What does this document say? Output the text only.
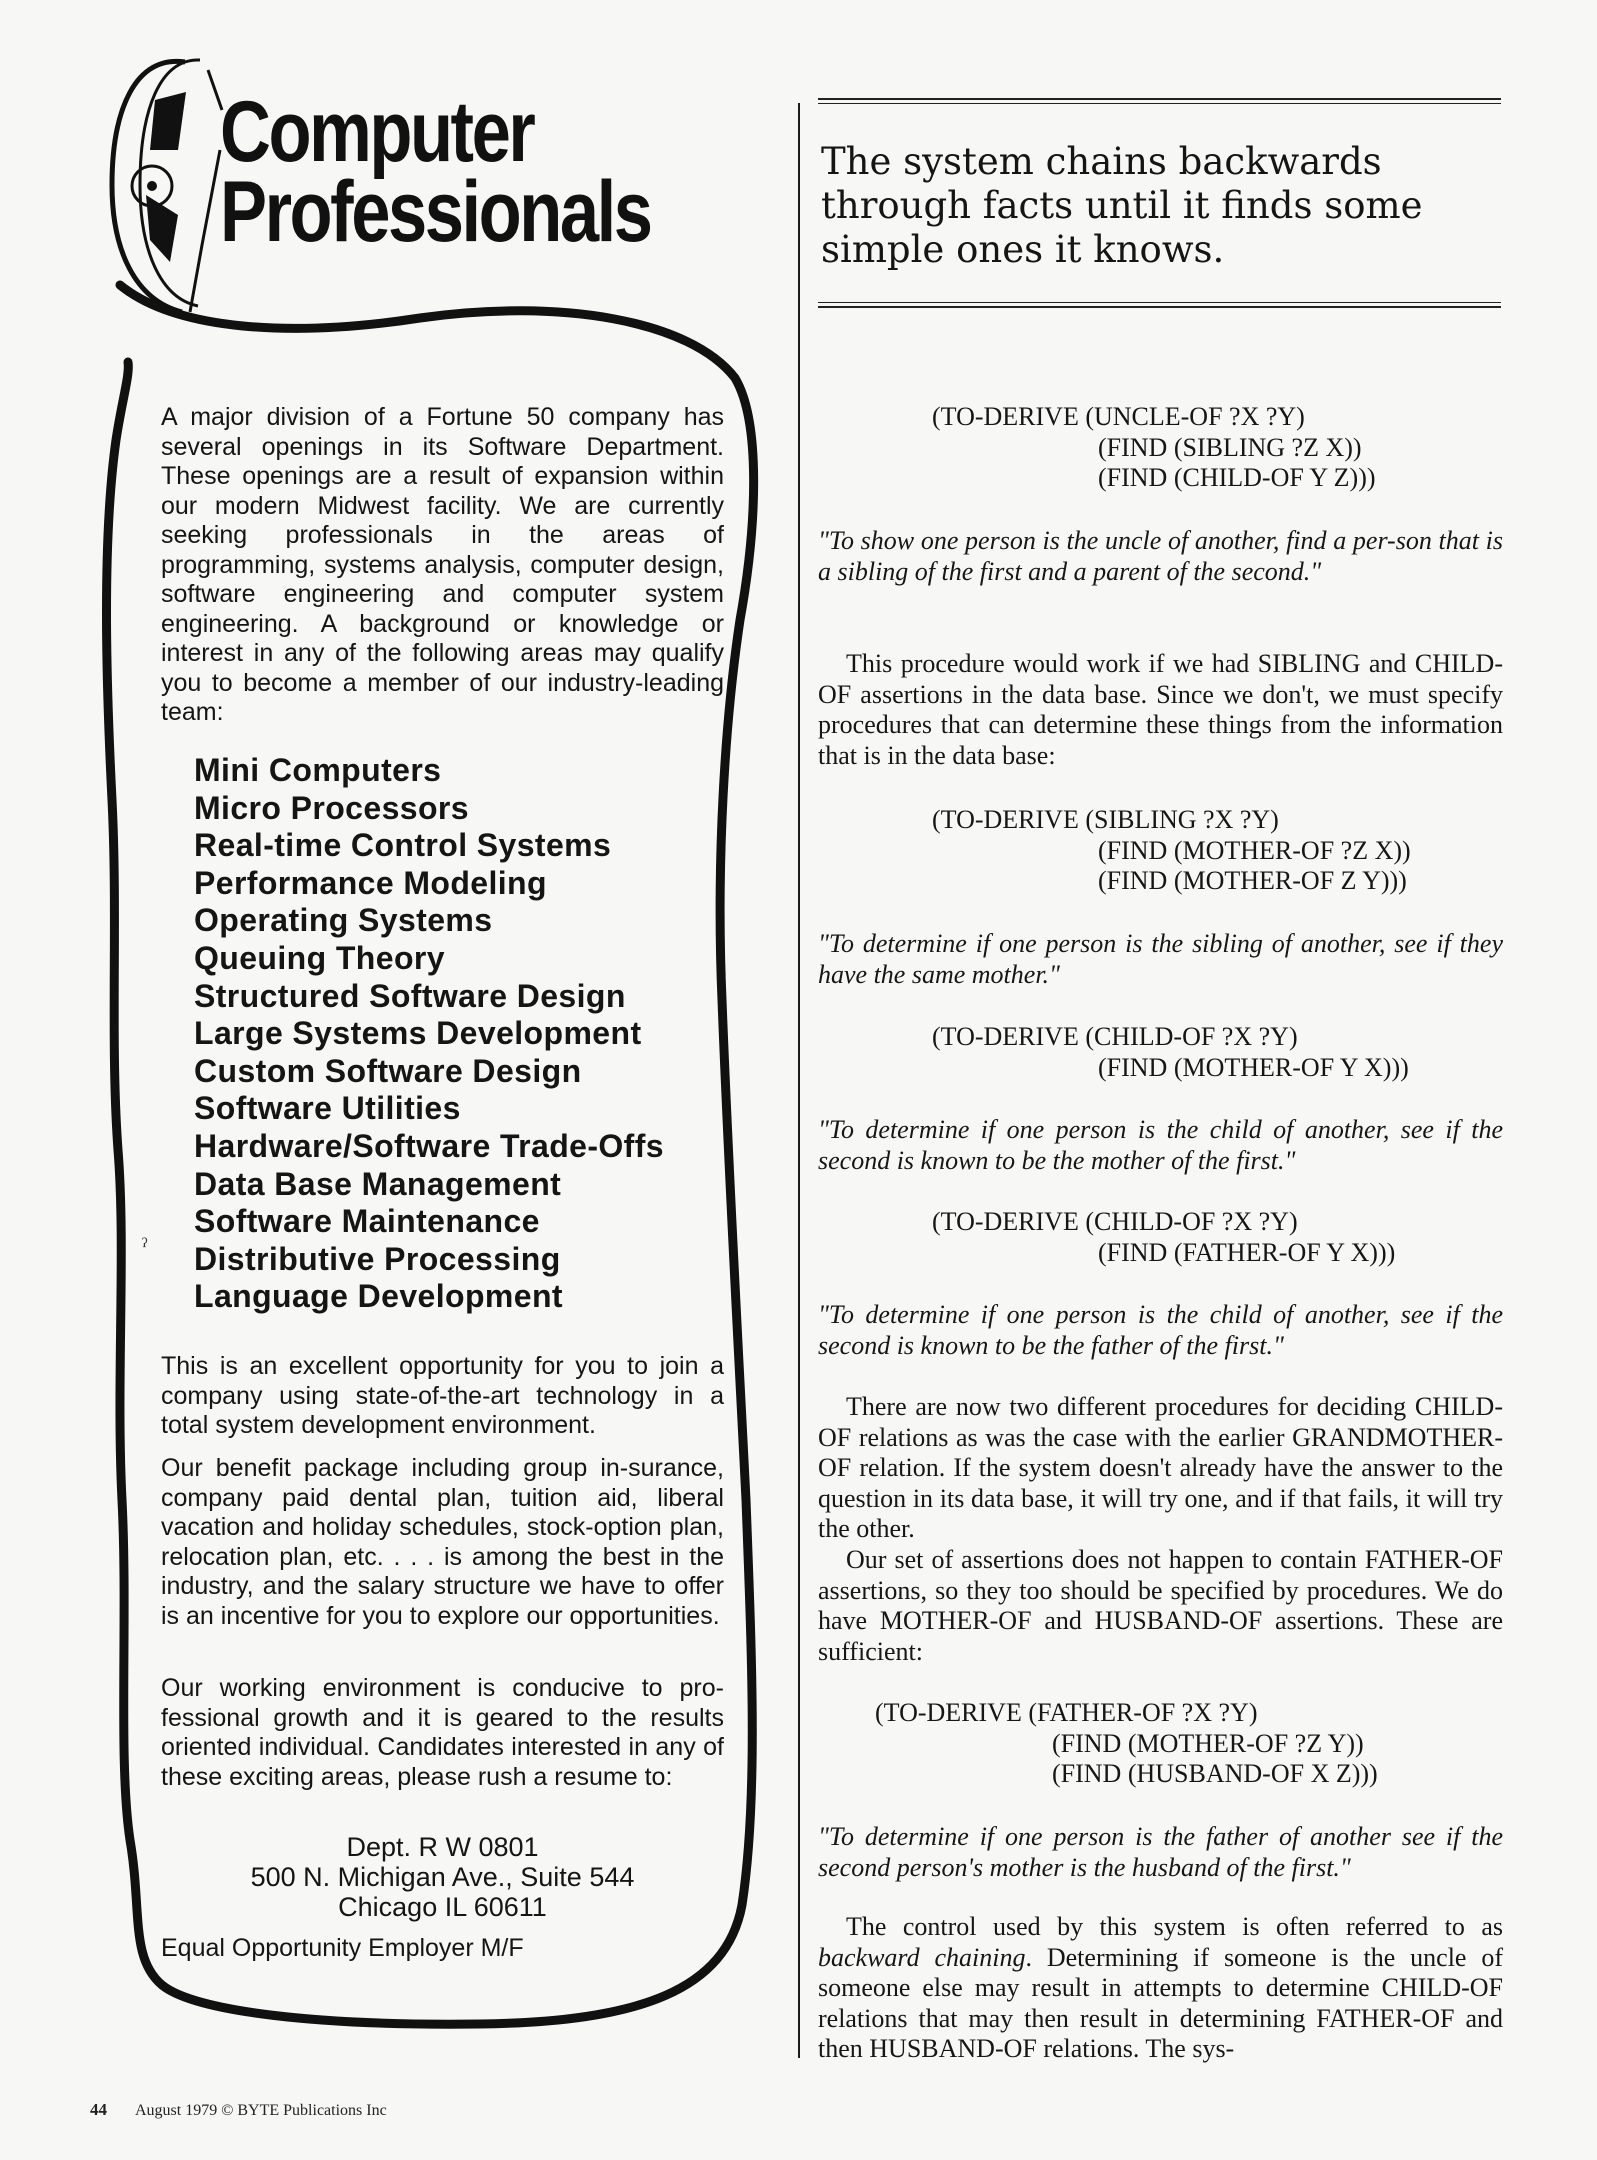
Computer
Professionals
A major division of a Fortune 50 company has several openings in its Software Department. These openings are a result of expansion within our modern Midwest facility. We are currently seeking professionals in the areas of programming, systems analysis, computer design, software engineering and computer system engineering. A background or knowledge or interest in any of the following areas may qualify you to become a member of our industry-leading team:
Mini Computers
Micro Processors
Real-time Control Systems
Performance Modeling
Operating Systems
Queuing Theory
Structured Software Design
Large Systems Development
Custom Software Design
Software Utilities
Hardware/Software Trade-Offs
Data Base Management
Software Maintenance
Distributive Processing
Language Development
ˀ

This is an excellent opportunity for you to join a company using state-of-the-art technology in a total system development environment.

Our benefit package including group in-surance, company paid dental plan, tuition aid, liberal vacation and holiday schedules, stock-option plan, relocation plan, etc. . . . is among the best in the industry, and the salary structure we have to offer is an incentive for you to explore our opportunities.

Our working environment is conducive to pro-fessional growth and it is geared to the results oriented individual. Candidates interested in any of these exciting areas, please rush a resume to:

Dept. R W 0801
500 N. Michigan Ave., Suite 544
Chicago IL 60611
Equal Opportunity Employer M/F
The system chains backwards through facts until it finds some simple ones it knows.
(TO-DERIVE (UNCLE-OF ?X ?Y)
(FIND (SIBLING ?Z X))
(FIND (CHILD-OF Y Z)))

"To show one person is the uncle of another, find a per-son that is a sibling of the first and a parent of the second."

This procedure would work if we had SIBLING and CHILD-OF assertions in the data base. Since we don't, we must specify procedures that can determine these things from the information that is in the data base:

(TO-DERIVE (SIBLING ?X ?Y)
(FIND (MOTHER-OF ?Z X))
(FIND (MOTHER-OF Z Y)))

"To determine if one person is the sibling of another, see if they have the same mother."

(TO-DERIVE (CHILD-OF ?X ?Y)
(FIND (MOTHER-OF Y X)))

"To determine if one person is the child of another, see if the second is known to be the mother of the first."

(TO-DERIVE (CHILD-OF ?X ?Y)
(FIND (FATHER-OF Y X)))

"To determine if one person is the child of another, see if the second is known to be the father of the first."

There are now two different procedures for deciding CHILD-OF relations as was the case with the earlier GRANDMOTHER-OF relation. If the system doesn't already have the answer to the question in its data base, it will try one, and if that fails, it will try the other.

Our set of assertions does not happen to contain FATHER-OF assertions, so they too should be specified by procedures. We do have MOTHER-OF and HUSBAND-OF assertions. These are sufficient:

(TO-DERIVE (FATHER-OF ?X ?Y)
(FIND (MOTHER-OF ?Z Y))
(FIND (HUSBAND-OF X Z)))

"To determine if one person is the father of another see if the second person's mother is the husband of the first."

The control used by this system is often referred to as backward chaining. Determining if someone is the uncle of someone else may result in attempts to determine CHILD-OF relations that may then result in determining FATHER-OF and then HUSBAND-OF relations. The sys-

44 August 1979 © BYTE Publications Inc
